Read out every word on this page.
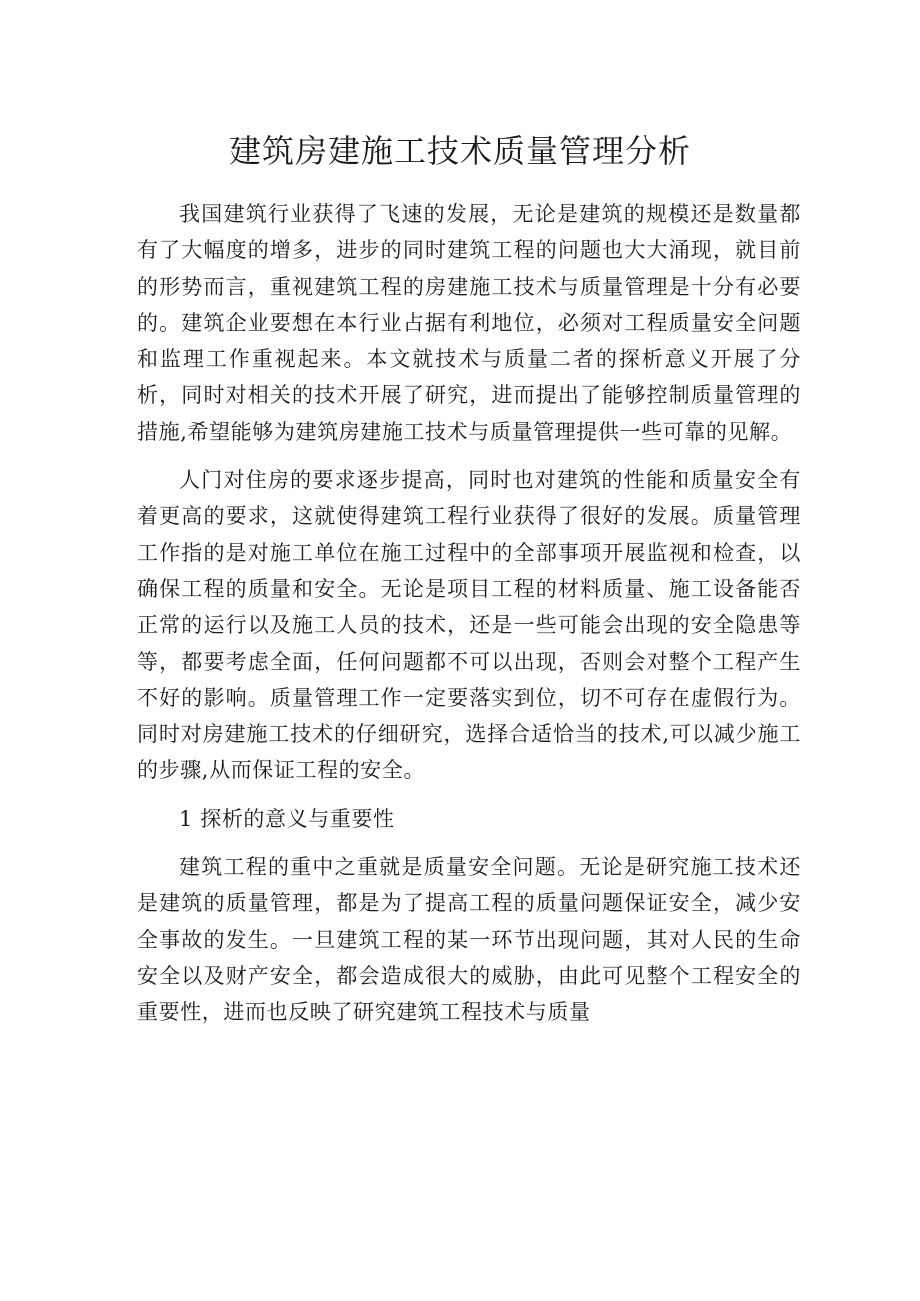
建筑房建施工技术质量管理分析

我国建筑行业获得了飞速的发展，无论是建筑的规模还是数量都有了大幅度的增多，进步的同时建筑工程的问题也大大涌现，就目前的形势而言，重视建筑工程的房建施工技术与质量管理是十分有必要的。建筑企业要想在本行业占据有利地位，必须对工程质量安全问题和监理工作重视起来。本文就技术与质量二者的探析意义开展了分析，同时对相关的技术开展了研究，进而提出了能够控制质量管理的措施,希望能够为建筑房建施工技术与质量管理提供一些可靠的见解。

人门对住房的要求逐步提高，同时也对建筑的性能和质量安全有着更高的要求，这就使得建筑工程行业获得了很好的发展。质量管理工作指的是对施工单位在施工过程中的全部事项开展监视和检查，以确保工程的质量和安全。无论是项目工程的材料质量、施工设备能否正常的运行以及施工人员的技术，还是一些可能会出现的安全隐患等等，都要考虑全面，任何问题都不可以出现，否则会对整个工程产生不好的影响。质量管理工作一定要落实到位，切不可存在虚假行为。同时对房建施工技术的仔细研究，选择合适恰当的技术,可以减少施工的步骤,从而保证工程的安全。

1 探析的意义与重要性

建筑工程的重中之重就是质量安全问题。无论是研究施工技术还是建筑的质量管理，都是为了提高工程的质量问题保证安全，减少安全事故的发生。一旦建筑工程的某一环节出现问题，其对人民的生命安全以及财产安全，都会造成很大的威胁，由此可见整个工程安全的重要性，进而也反映了研究建筑工程技术与质量
